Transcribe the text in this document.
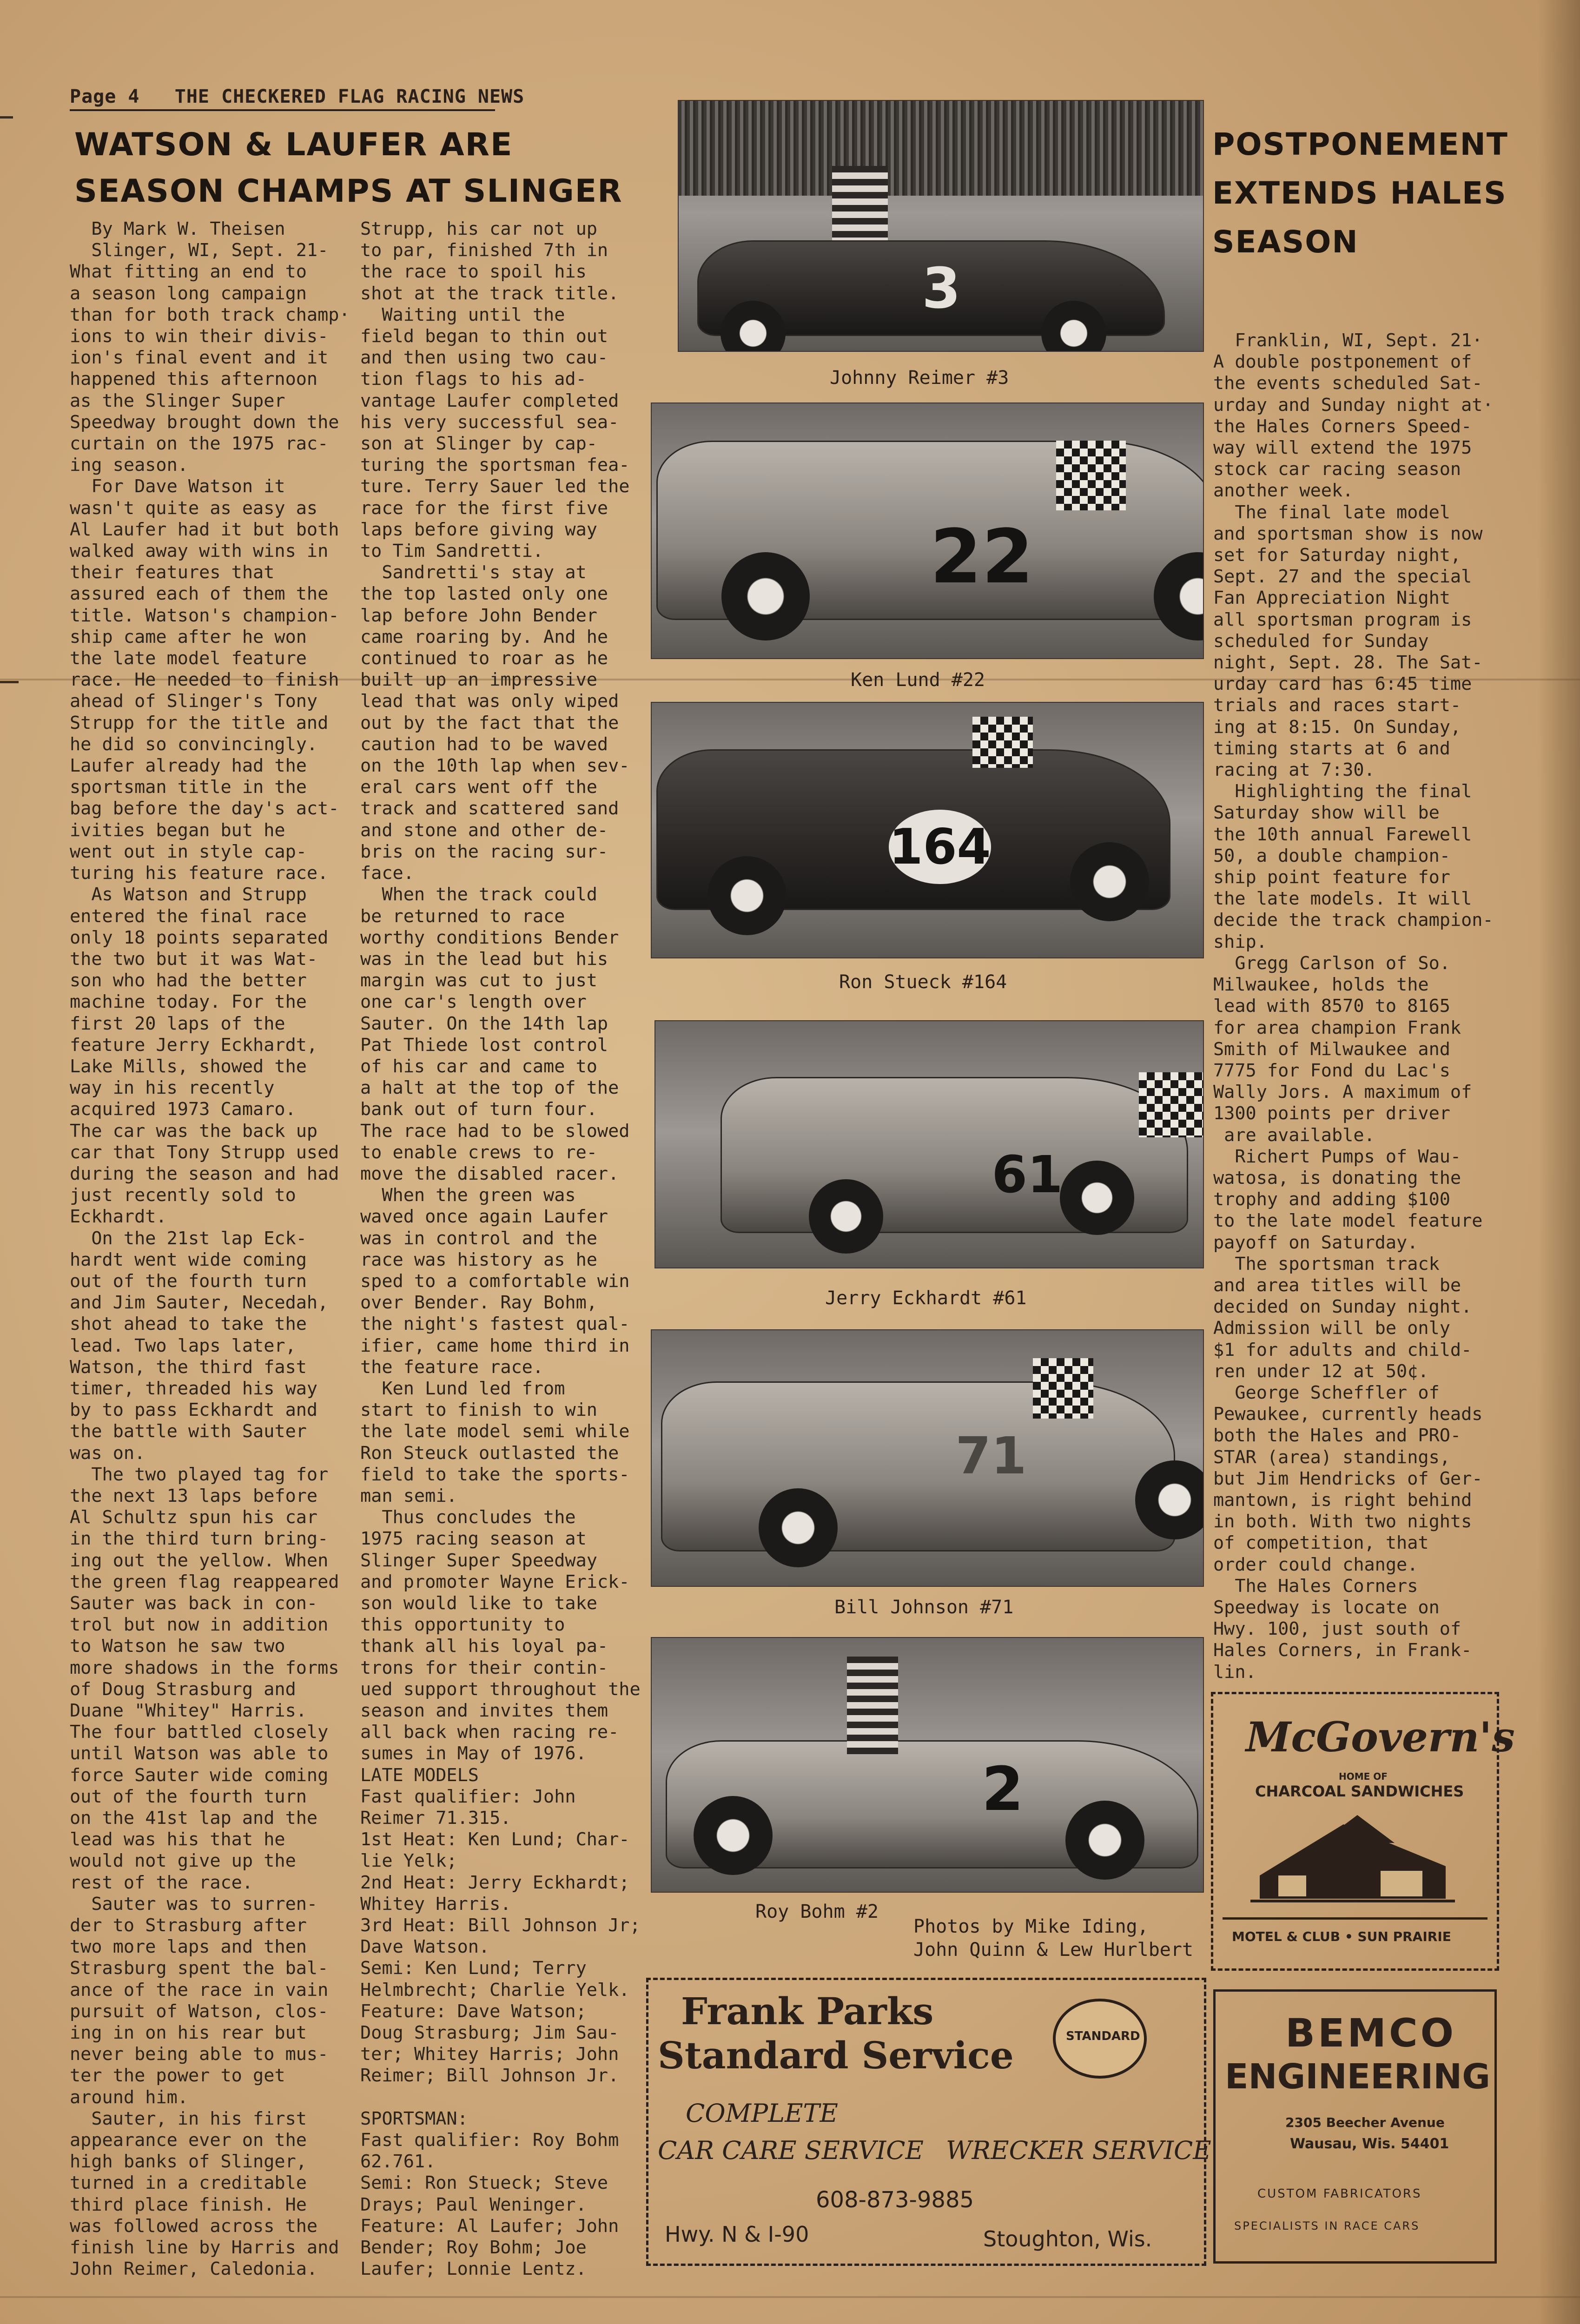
Page 4 THE CHECKERED FLAG RACING NEWS
WATSON & LAUFER ARE
SEASON CHAMPS AT SLINGER
By Mark W. Theisen
Slinger, WI, Sept. 21-
What fitting an end to
a season long campaign
than for both track champ·
ions to win their divis-
ion's final event and it
happened this afternoon
as the Slinger Super
Speedway brought down the
curtain on the 1975 rac-
ing season.
For Dave Watson it
wasn't quite as easy as
Al Laufer had it but both
walked away with wins in
their features that
assured each of them the
title. Watson's champion-
ship came after he won
the late model feature
race. He needed to finish
ahead of Slinger's Tony
Strupp for the title and
he did so convincingly.
Laufer already had the
sportsman title in the
bag before the day's act-
ivities began but he
went out in style cap-
turing his feature race.
As Watson and Strupp
entered the final race
only 18 points separated
the two but it was Wat-
son who had the better
machine today. For the
first 20 laps of the
feature Jerry Eckhardt,
Lake Mills, showed the
way in his recently
acquired 1973 Camaro.
The car was the back up
car that Tony Strupp used
during the season and had
just recently sold to
Eckhardt.
On the 21st lap Eck-
hardt went wide coming
out of the fourth turn
and Jim Sauter, Necedah,
shot ahead to take the
lead. Two laps later,
Watson, the third fast
timer, threaded his way
by to pass Eckhardt and
the battle with Sauter
was on.
The two played tag for
the next 13 laps before
Al Schultz spun his car
in the third turn bring-
ing out the yellow. When
the green flag reappeared
Sauter was back in con-
trol but now in addition
to Watson he saw two
more shadows in the forms
of Doug Strasburg and
Duane "Whitey" Harris.
The four battled closely
until Watson was able to
force Sauter wide coming
out of the fourth turn
on the 41st lap and the
lead was his that he
would not give up the
rest of the race.
Sauter was to surren-
der to Strasburg after
two more laps and then
Strasburg spent the bal-
ance of the race in vain
pursuit of Watson, clos-
ing in on his rear but
never being able to mus-
ter the power to get
around him.
Sauter, in his first
appearance ever on the
high banks of Slinger,
turned in a creditable
third place finish. He
was followed across the
finish line by Harris and
John Reimer, Caledonia.
Strupp, his car not up
to par, finished 7th in
the race to spoil his
shot at the track title.
Waiting until the
field began to thin out
and then using two cau-
tion flags to his ad-
vantage Laufer completed
his very successful sea-
son at Slinger by cap-
turing the sportsman fea-
ture. Terry Sauer led the
race for the first five
laps before giving way
to Tim Sandretti.
Sandretti's stay at
the top lasted only one
lap before John Bender
came roaring by. And he
continued to roar as he
built up an impressive
lead that was only wiped
out by the fact that the
caution had to be waved
on the 10th lap when sev-
eral cars went off the
track and scattered sand
and stone and other de-
bris on the racing sur-
face.
When the track could
be returned to race
worthy conditions Bender
was in the lead but his
margin was cut to just
one car's length over
Sauter. On the 14th lap
Pat Thiede lost control
of his car and came to
a halt at the top of the
bank out of turn four.
The race had to be slowed
to enable crews to re-
move the disabled racer.
When the green was
waved once again Laufer
was in control and the
race was history as he
sped to a comfortable win
over Bender. Ray Bohm,
the night's fastest qual-
ifier, came home third in
the feature race.
Ken Lund led from
start to finish to win
the late model semi while
Ron Steuck outlasted the
field to take the sports-
man semi.
Thus concludes the
1975 racing season at
Slinger Super Speedway
and promoter Wayne Erick-
son would like to take
this opportunity to
thank all his loyal pa-
trons for their contin-
ued support throughout the
season and invites them
all back when racing re-
sumes in May of 1976.
LATE MODELS
Fast qualifier: John
Reimer 71.315.
1st Heat: Ken Lund; Char-
lie Yelk;
2nd Heat: Jerry Eckhardt;
Whitey Harris.
3rd Heat: Bill Johnson Jr;
Dave Watson.
Semi: Ken Lund; Terry
Helmbrecht; Charlie Yelk.
Feature: Dave Watson;
Doug Strasburg; Jim Sau-
ter; Whitey Harris; John
Reimer; Bill Johnson Jr.

SPORTSMAN:
Fast qualifier: Roy Bohm
62.761.
Semi: Ron Stueck; Steve
Drays; Paul Weninger.
Feature: Al Laufer; John
Bender; Roy Bohm; Joe
Laufer; Lonnie Lentz.
3
Johnny Reimer #3
22
Ken Lund #22
164
Ron Stueck #164
61
Jerry Eckhardt #61
71
Bill Johnson #71
2
Roy Bohm #2
Photos by Mike Iding,
John Quinn & Lew Hurlbert
POSTPONEMENT
EXTENDS HALES
SEASON
Franklin, WI, Sept. 21·
A double postponement of
the events scheduled Sat-
urday and Sunday night at·
the Hales Corners Speed-
way will extend the 1975
stock car racing season
another week.
The final late model
and sportsman show is now
set for Saturday night,
Sept. 27 and the special
Fan Appreciation Night
all sportsman program is
scheduled for Sunday
night, Sept. 28. The Sat-
urday card has 6:45 time
trials and races start-
ing at 8:15. On Sunday,
timing starts at 6 and
racing at 7:30.
Highlighting the final
Saturday show will be
the 10th annual Farewell
50, a double champion-
ship point feature for
the late models. It will
decide the track champion-
ship.
Gregg Carlson of So.
Milwaukee, holds the
lead with 8570 to 8165
for area champion Frank
Smith of Milwaukee and
7775 for Fond du Lac's
Wally Jors. A maximum of
1300 points per driver
are available.
Richert Pumps of Wau-
watosa, is donating the
trophy and adding $100
to the late model feature
payoff on Saturday.
The sportsman track
and area titles will be
decided on Sunday night.
Admission will be only
$1 for adults and child-
ren under 12 at 50¢.
George Scheffler of
Pewaukee, currently heads
both the Hales and PRO-
STAR (area) standings,
but Jim Hendricks of Ger-
mantown, is right behind
in both. With two nights
of competition, that
order could change.
The Hales Corners
Speedway is locate on
Hwy. 100, just south of
Hales Corners, in Frank-
lin.
McGovern's
HOME OF
CHARCOAL SANDWICHES
MOTEL & CLUB • SUN PRAIRIE
Frank Parks
Standard Service	STANDARD
COMPLETE
CAR CARE SERVICE WRECKER SERVICE
608-873-9885
Hwy. N & I-90	Stoughton, Wis.
BEMCO
ENGINEERING
2305 Beecher Avenue
Wausau, Wis. 54401
CUSTOM FABRICATORS
SPECIALISTS IN RACE CARS
